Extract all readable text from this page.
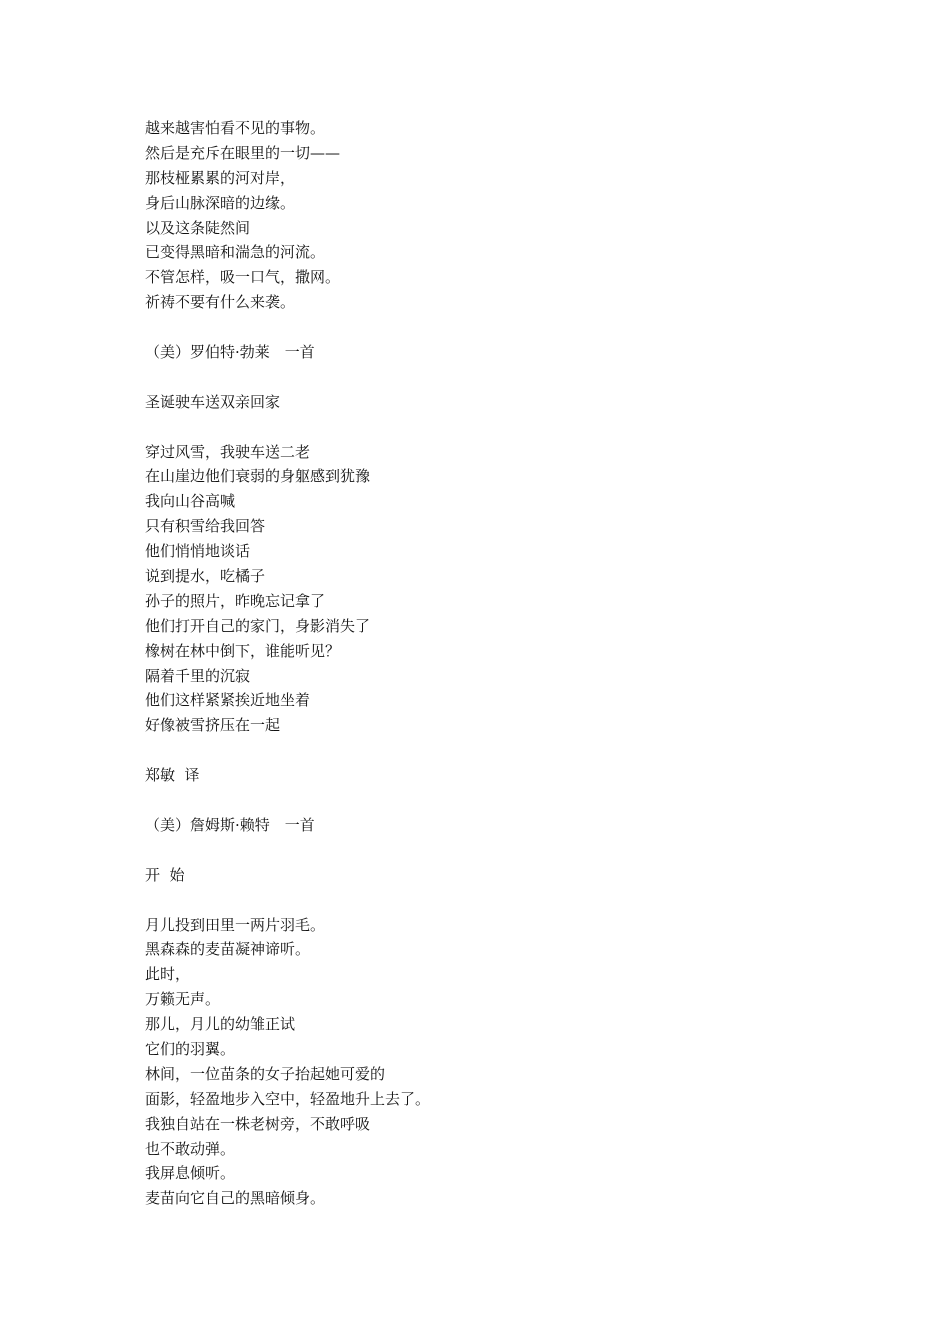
越来越害怕看不见的事物。
然后是充斥在眼里的一切——
那枝桠累累的河对岸，
身后山脉深暗的边缘。
以及这条陡然间
已变得黑暗和湍急的河流。
不管怎样，吸一口气，撒网。
祈祷不要有什么来袭。
（美）罗伯特·勃莱　一首
圣诞驶车送双亲回家
穿过风雪，我驶车送二老
在山崖边他们衰弱的身躯感到犹豫
我向山谷高喊
只有积雪给我回答
他们悄悄地谈话
说到提水，吃橘子
孙子的照片，昨晚忘记拿了
他们打开自己的家门，身影消失了
橡树在林中倒下，谁能听见？
隔着千里的沉寂
他们这样紧紧挨近地坐着
好像被雪挤压在一起
郑敏  译
（美）詹姆斯·赖特　一首
开  始
月儿投到田里一两片羽毛。
黑森森的麦苗凝神谛听。
此时，
万籁无声。
那儿，月儿的幼雏正试
它们的羽翼。
林间，一位苗条的女子抬起她可爱的
面影，轻盈地步入空中，轻盈地升上去了。
我独自站在一株老树旁，不敢呼吸
也不敢动弹。
我屏息倾听。
麦苗向它自己的黑暗倾身。
